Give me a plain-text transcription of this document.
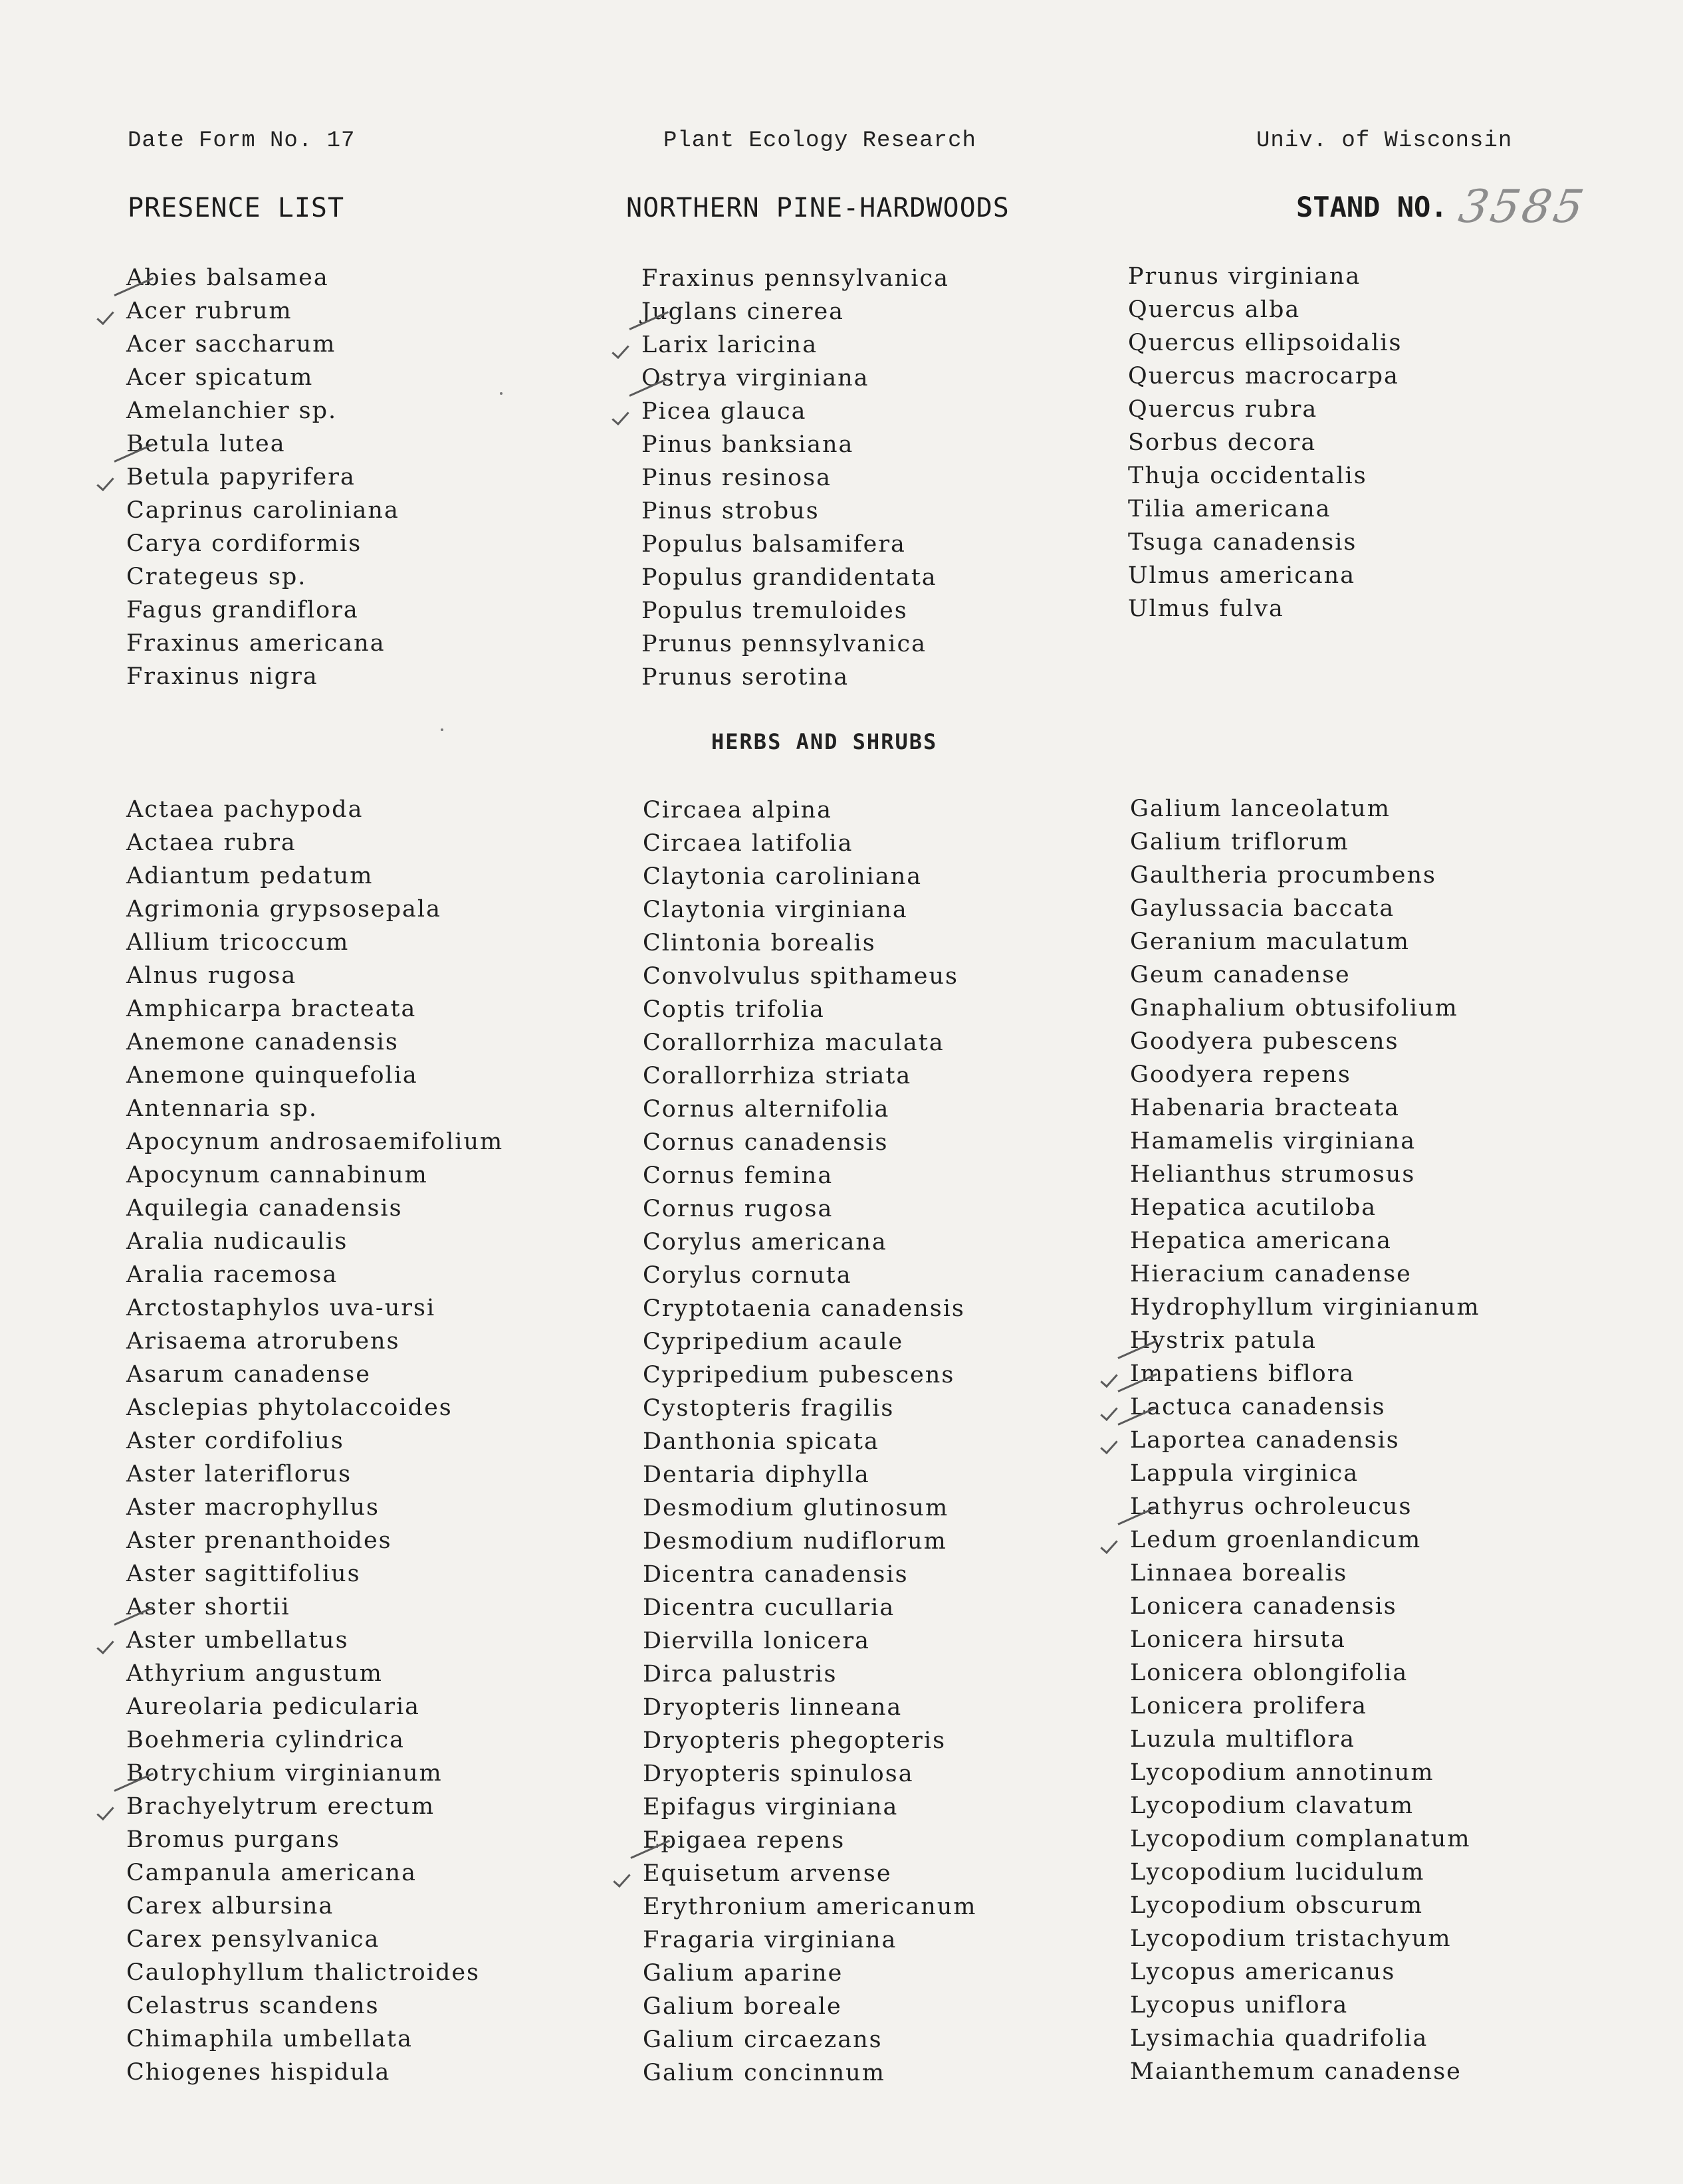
Date Form No. 17	Plant Ecology Research	Univ. of Wisconsin
PRESENCE LIST	NORTHERN PINE-HARDWOODS	STAND NO. 3585
Abies balsamea
Acer rubrum
Acer saccharum
Acer spicatum
Amelanchier sp.
Betula lutea
Betula papyrifera
Caprinus caroliniana
Carya cordiformis
Crategeus sp.
Fagus grandiflora
Fraxinus americana
Fraxinus nigra
Fraxinus pennsylvanica
Juglans cinerea
Larix laricina
Ostrya virginiana
Picea glauca
Pinus banksiana
Pinus resinosa
Pinus strobus
Populus balsamifera
Populus grandidentata
Populus tremuloides
Prunus pennsylvanica
Prunus serotina
Prunus virginiana
Quercus alba
Quercus ellipsoidalis
Quercus macrocarpa
Quercus rubra
Sorbus decora
Thuja occidentalis
Tilia americana
Tsuga canadensis
Ulmus americana
Ulmus fulva
HERBS AND SHRUBS
Actaea pachypoda
Actaea rubra
Adiantum pedatum
Agrimonia grypsosepala
Allium tricoccum
Alnus rugosa
Amphicarpa bracteata
Anemone canadensis
Anemone quinquefolia
Antennaria sp.
Apocynum androsaemifolium
Apocynum cannabinum
Aquilegia canadensis
Aralia nudicaulis
Aralia racemosa
Arctostaphylos uva-ursi
Arisaema atrorubens
Asarum canadense
Asclepias phytolaccoides
Aster cordifolius
Aster lateriflorus
Aster macrophyllus
Aster prenanthoides
Aster sagittifolius
Aster shortii
Aster umbellatus
Athyrium angustum
Aureolaria pedicularia
Boehmeria cylindrica
Botrychium virginianum
Brachyelytrum erectum
Bromus purgans
Campanula americana
Carex albursina
Carex pensylvanica
Caulophyllum thalictroides
Celastrus scandens
Chimaphila umbellata
Chiogenes hispidula
Circaea alpina
Circaea latifolia
Claytonia caroliniana
Claytonia virginiana
Clintonia borealis
Convolvulus spithameus
Coptis trifolia
Corallorrhiza maculata
Corallorrhiza striata
Cornus alternifolia
Cornus canadensis
Cornus femina
Cornus rugosa
Corylus americana
Corylus cornuta
Cryptotaenia canadensis
Cypripedium acaule
Cypripedium pubescens
Cystopteris fragilis
Danthonia spicata
Dentaria diphylla
Desmodium glutinosum
Desmodium nudiflorum
Dicentra canadensis
Dicentra cucullaria
Diervilla lonicera
Dirca palustris
Dryopteris linneana
Dryopteris phegopteris
Dryopteris spinulosa
Epifagus virginiana
Epigaea repens
Equisetum arvense
Erythronium americanum
Fragaria virginiana
Galium aparine
Galium boreale
Galium circaezans
Galium concinnum
Galium lanceolatum
Galium triflorum
Gaultheria procumbens
Gaylussacia baccata
Geranium maculatum
Geum canadense
Gnaphalium obtusifolium
Goodyera pubescens
Goodyera repens
Habenaria bracteata
Hamamelis virginiana
Helianthus strumosus
Hepatica acutiloba
Hepatica americana
Hieracium canadense
Hydrophyllum virginianum
Hystrix patula
Impatiens biflora
Lactuca canadensis
Laportea canadensis
Lappula virginica
Lathyrus ochroleucus
Ledum groenlandicum
Linnaea borealis
Lonicera canadensis
Lonicera hirsuta
Lonicera oblongifolia
Lonicera prolifera
Luzula multiflora
Lycopodium annotinum
Lycopodium clavatum
Lycopodium complanatum
Lycopodium lucidulum
Lycopodium obscurum
Lycopodium tristachyum
Lycopus americanus
Lycopus uniflora
Lysimachia quadrifolia
Maianthemum canadense
